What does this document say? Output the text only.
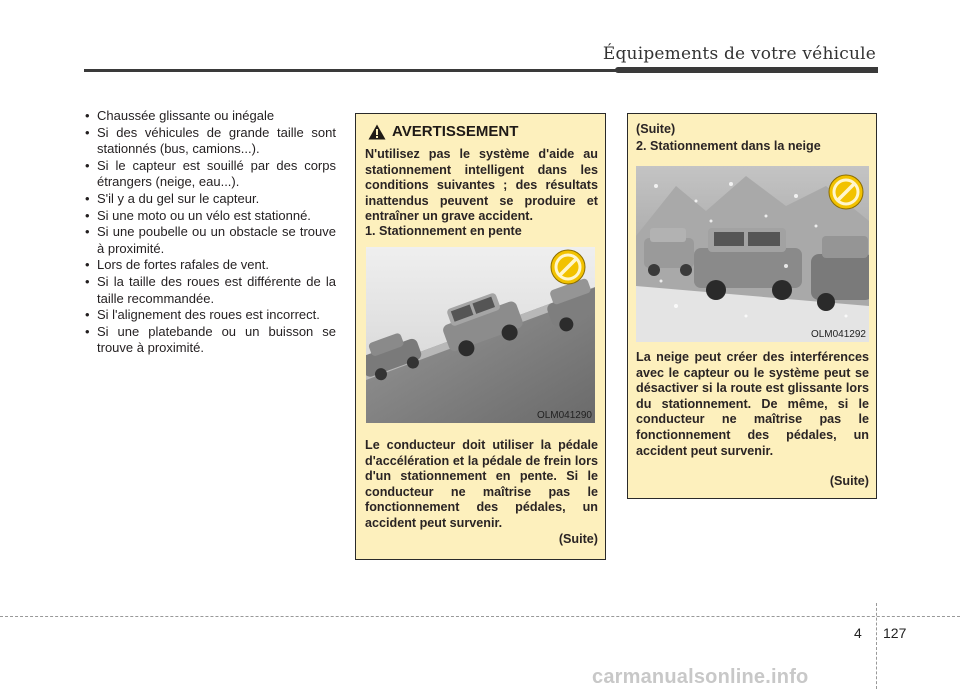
Équipements de votre véhicule
• Chaussée glissante ou inégale
• Si des véhicules de grande taille sont stationnés (bus, camions...).
• Si le capteur est souillé par des corps étrangers (neige, eau...).
• S'il y a du gel sur le capteur.
• Si une moto ou un vélo est stationné.
• Si une poubelle ou un obstacle se trouve à proximité.
• Lors de fortes rafales de vent.
• Si la taille des roues est différente de la taille recommandée.
• Si l'alignement des roues est incorrect.
• Si une platebande ou un buisson se trouve à proximité.
AVERTISSEMENT
N'utilisez pas le système d'aide au stationnement intelligent dans les conditions suivantes ; des résultats inattendus peuvent se produire et entraîner un grave accident.
1. Stationnement en pente
OLM041290
Le conducteur doit utiliser la pédale d'accélération et la pédale de frein lors d'un stationnement en pente. Si le conducteur ne maîtrise pas le fonctionnement des pédales, un accident peut survenir.
(Suite)
(Suite)
2. Stationnement dans la neige
OLM041292
La neige peut créer des interférences avec le capteur ou le système peut se désactiver si la route est glissante lors du stationnement. De même, si le conducteur ne maîtrise pas le fonctionnement des pédales, un accident peut survenir.
(Suite)
4 127
carmanualsonline.info
